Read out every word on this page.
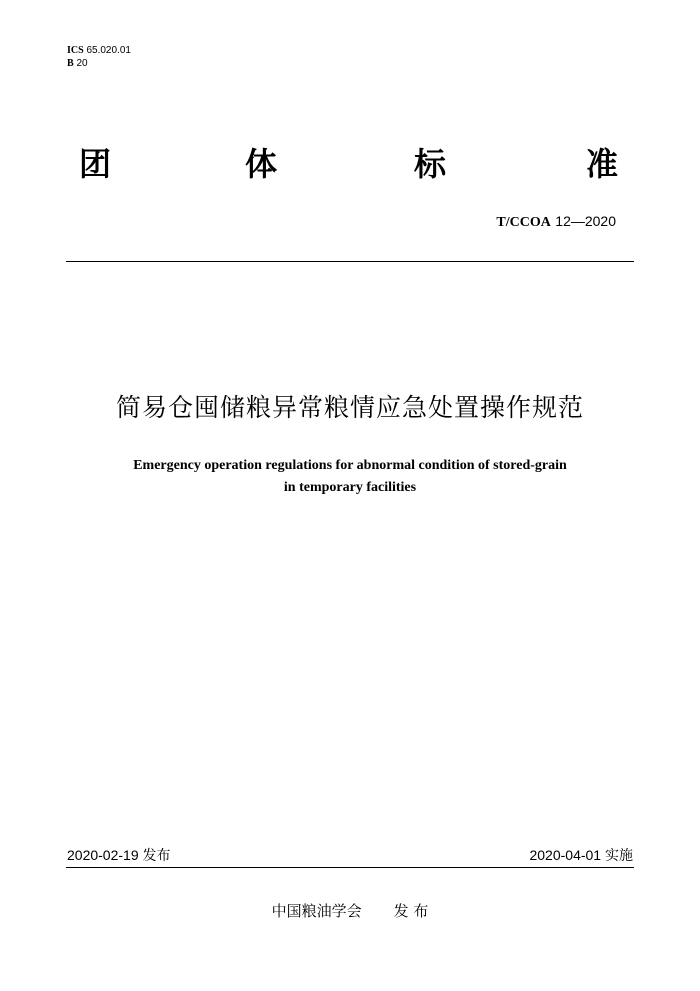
ICS 65.020.01
B 20
团	体	标	准
T/CCOA 12—2020
简易仓囤储粮异常粮情应急处置操作规范
Emergency operation regulations for abnormal condition of stored-grain
in temporary facilities
2020-02-19 发布	2020-04-01 实施
中国粮油学会 发 布
